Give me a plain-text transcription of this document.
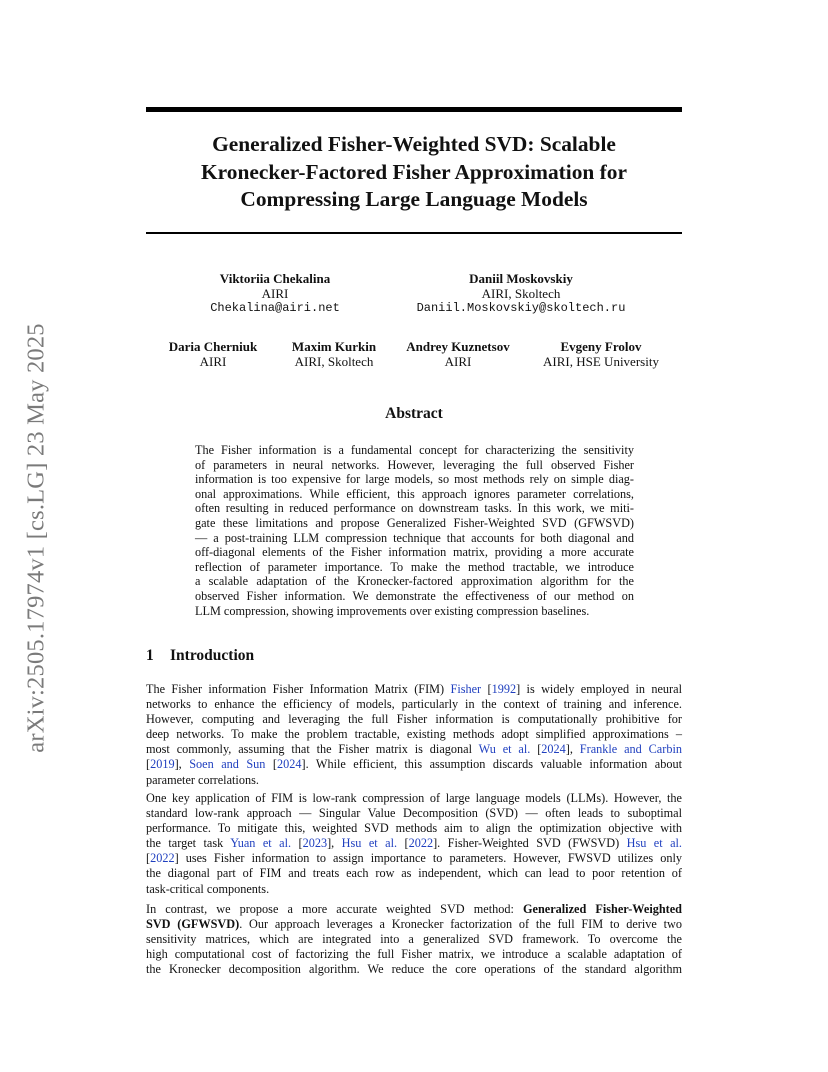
arXiv:2505.17974v1 [cs.LG] 23 May 2025
Generalized Fisher-Weighted SVD: Scalable
Kronecker-Factored Fisher Approximation for
Compressing Large Language Models
Viktoriia Chekalina
AIRI
Chekalina@airi.net
Daniil Moskovskiy
AIRI, Skoltech
Daniil.Moskovskiy@skoltech.ru
Daria Cherniuk
AIRI
Maxim Kurkin
AIRI, Skoltech
Andrey Kuznetsov
AIRI
Evgeny Frolov
AIRI, HSE University
Abstract
The Fisher information is a fundamental concept for characterizing the sensitivity
of parameters in neural networks. However, leveraging the full observed Fisher
information is too expensive for large models, so most methods rely on simple diag-
onal approximations. While efficient, this approach ignores parameter correlations,
often resulting in reduced performance on downstream tasks. In this work, we miti-
gate these limitations and propose Generalized Fisher-Weighted SVD (GFWSVD)
— a post-training LLM compression technique that accounts for both diagonal and
off-diagonal elements of the Fisher information matrix, providing a more accurate
reflection of parameter importance. To make the method tractable, we introduce
a scalable adaptation of the Kronecker-factored approximation algorithm for the
observed Fisher information. We demonstrate the effectiveness of our method on
LLM compression, showing improvements over existing compression baselines.
1 Introduction
The Fisher information Fisher Information Matrix (FIM) Fisher [1992] is widely employed in neural
networks to enhance the efficiency of models, particularly in the context of training and inference.
However, computing and leveraging the full Fisher information is computationally prohibitive for
deep networks. To make the problem tractable, existing methods adopt simplified approximations –
most commonly, assuming that the Fisher matrix is diagonal Wu et al. [2024], Frankle and Carbin
[2019], Soen and Sun [2024]. While efficient, this assumption discards valuable information about
parameter correlations.
One key application of FIM is low-rank compression of large language models (LLMs). However, the
standard low-rank approach — Singular Value Decomposition (SVD) — often leads to suboptimal
performance. To mitigate this, weighted SVD methods aim to align the optimization objective with
the target task Yuan et al. [2023], Hsu et al. [2022]. Fisher-Weighted SVD (FWSVD) Hsu et al.
[2022] uses Fisher information to assign importance to parameters. However, FWSVD utilizes only
the diagonal part of FIM and treats each row as independent, which can lead to poor retention of
task-critical components.
In contrast, we propose a more accurate weighted SVD method: Generalized Fisher-Weighted
SVD (GFWSVD). Our approach leverages a Kronecker factorization of the full FIM to derive two
sensitivity matrices, which are integrated into a generalized SVD framework. To overcome the
high computational cost of factorizing the full Fisher matrix, we introduce a scalable adaptation of
the Kronecker decomposition algorithm. We reduce the core operations of the standard algorithm
